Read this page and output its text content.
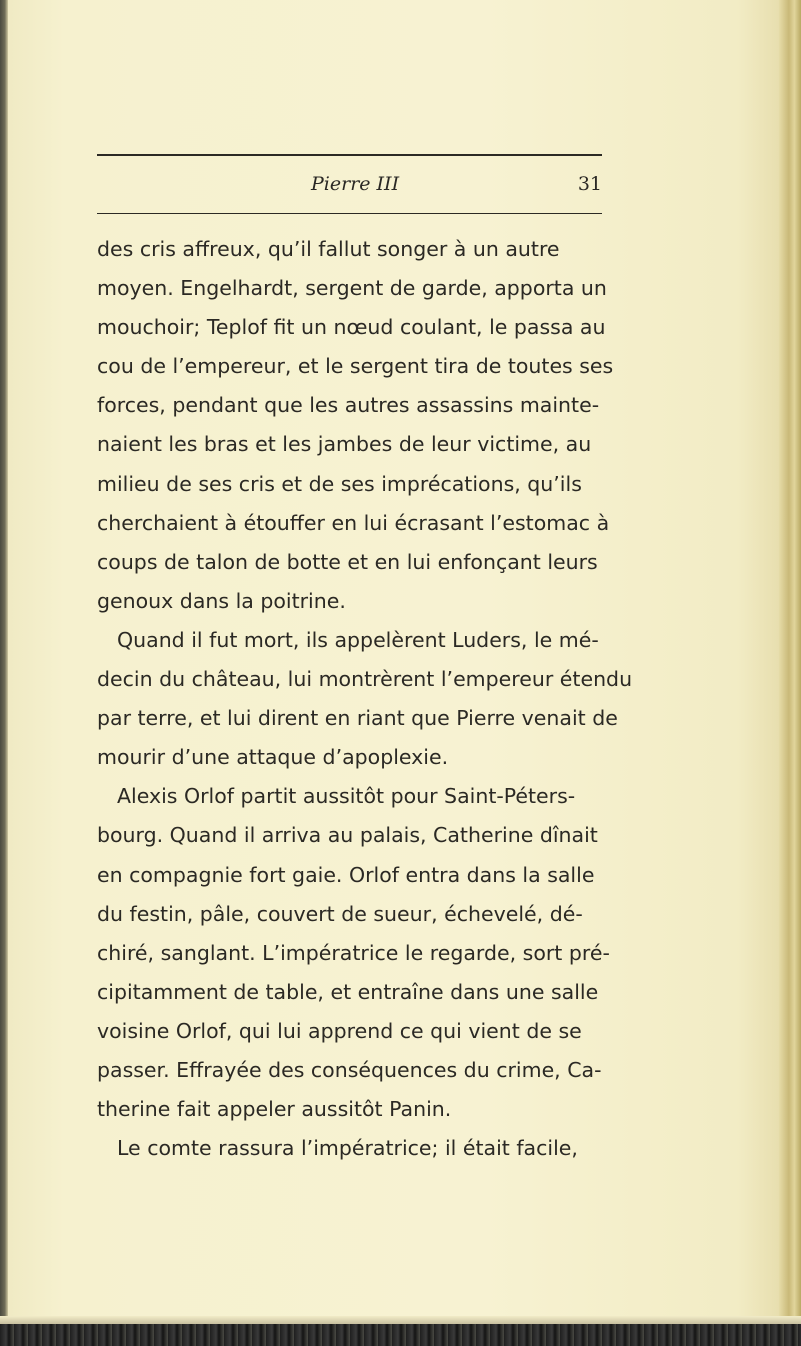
Pierre III	31
des cris affreux, qu’il fallut songer à un autre
moyen. Engelhardt, sergent de garde, apporta un
mouchoir; Teplof fit un nœud coulant, le passa au
cou de l’empereur, et le sergent tira de toutes ses
forces, pendant que les autres assassins mainte-
naient les bras et les jambes de leur victime, au
milieu de ses cris et de ses imprécations, qu’ils
cherchaient à étouffer en lui écrasant l’estomac à
coups de talon de botte et en lui enfonçant leurs
genoux dans la poitrine.
Quand il fut mort, ils appelèrent Luders, le mé-
decin du château, lui montrèrent l’empereur étendu
par terre, et lui dirent en riant que Pierre venait de
mourir d’une attaque d’apoplexie.
Alexis Orlof partit aussitôt pour Saint-Péters-
bourg. Quand il arriva au palais, Catherine dînait
en compagnie fort gaie. Orlof entra dans la salle
du festin, pâle, couvert de sueur, échevelé, dé-
chiré, sanglant. L’impératrice le regarde, sort pré-
cipitamment de table, et entraîne dans une salle
voisine Orlof, qui lui apprend ce qui vient de se
passer. Effrayée des conséquences du crime, Ca-
therine fait appeler aussitôt Panin.
Le comte rassura l’impératrice; il était facile,
